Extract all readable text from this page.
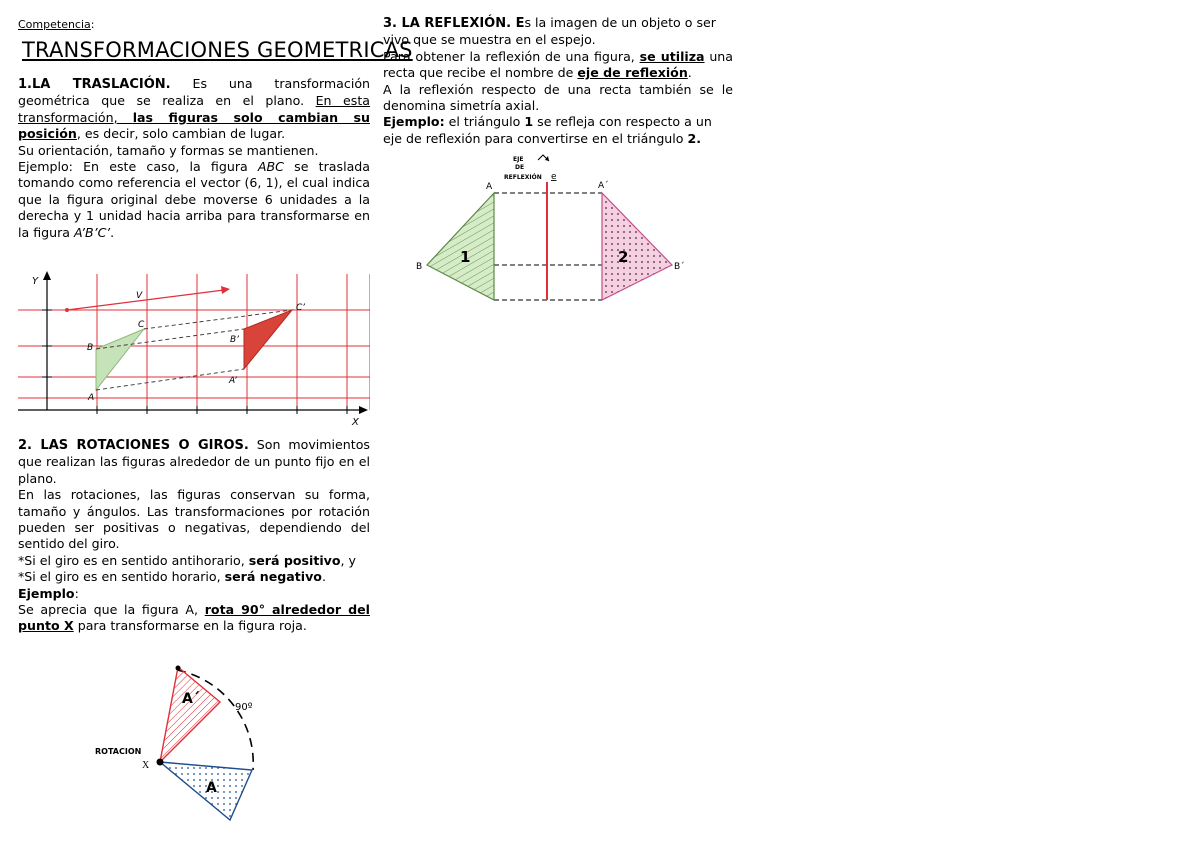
Competencia:
TRANSFORMACIONES GEOMETRICAS

1.LA TRASLACIÓN. Es una transformación geométrica que se realiza en el plano. En esta transformación, las figuras solo cambian su posición, es decir, solo cambian de lugar.

Su orientación, tamaño y formas se mantienen.

Ejemplo: En este caso, la figura ABC se traslada tomando como referencia el vector (6, 1), el cual indica que la figura original debe moverse 6 unidades a la derecha y 1 unidad hacia arriba para transformarse en la figura A’B’C’.

Y
X
V
A
B
C
A’
B’
C’

2. LAS ROTACIONES O GIROS. Son movimientos que realizan las figuras alrededor de un punto fijo en el plano.

En las rotaciones, las figuras conservan su forma, tamaño y ángulos. Las transformaciones por rotación pueden ser positivas o negativas, dependiendo del sentido del giro.

*Si el giro es en sentido antihorario, será positivo, y

*Si el giro es en sentido horario, será negativo.

Ejemplo:

Se aprecia que la figura A, rota 90° alrededor del punto X para transformarse en la figura roja.

A´
A
90º
ROTACION
X

3. LA REFLEXIÓN. Es la imagen de un objeto o ser vivo que se muestra en el espejo.

Para obtener la reflexión de una figura, se utiliza una recta que recibe el nombre de eje de reflexión.

A la reflexión respecto de una recta también se le denomina simetría axial.

Ejemplo: el triángulo 1 se refleja con respecto a un eje de reflexión para convertirse en el triángulo 2.

EJE
DE
REFLEXIÓN e
A	A´
B	B´
1	2
